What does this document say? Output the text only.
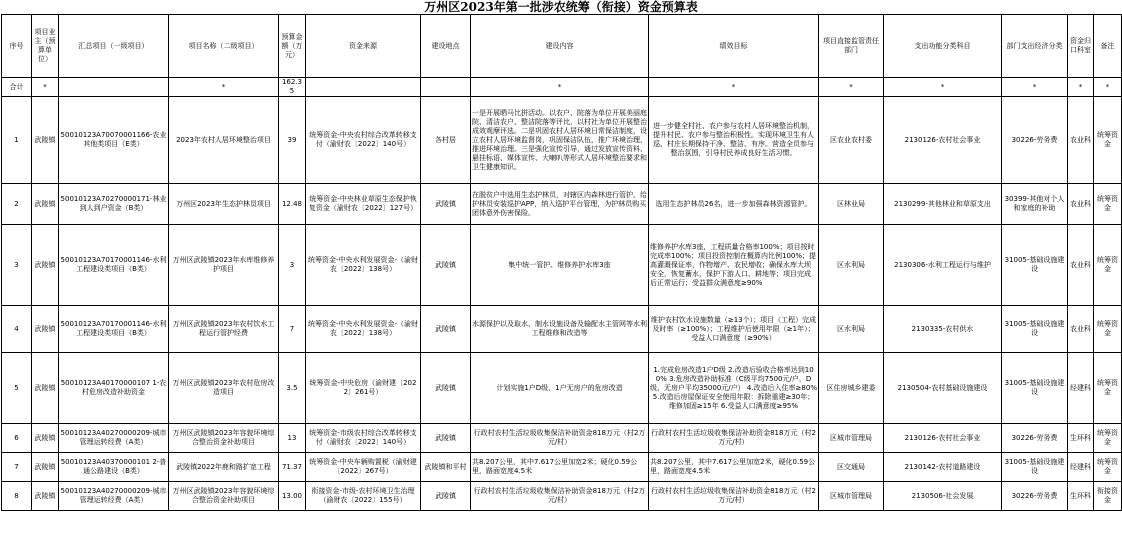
万州区2023年第一批涉农统筹（衔接）资金预算表
序号	项目业主（预算单位）	汇总项目（一级项目）	项目名称（二级项目）	预算金额（万元）	资金来源	建设地点	建设内容	绩效目标	项目直接监管责任部门	支出功能分类科目	部门支出经济分类	资金归口科室	备注
合计	*		*	162.35			*	*	*	*	*	*	*
1	武陵镇	50010123A70070001166-农业其他类项目（E类）	2023年农村人居环境整治项目	39	统筹资金-中央农村综合改革转移支付（渝财农〔2022〕140号）	各村居	一是开展晒马比拼活动。以农户、院落为单位开展美丽庭院、清洁农户、整洁院落等评比，以村社为单位开展整治成效观摩评选。二是巩固农村人居环境日常保洁制度，设立农村人居环境监督岗，巩固保洁队伍，推广环境治理、推进环境治理。三是强化宣传引导，通过发放宣传资料、悬挂标语、媒体宣传、大喇叭等形式人居环境整治要求和卫生健康知识。	进一步健全村社、农户参与农村人居环境整治机制，提升村民、农户参与整治积极性。实现环境卫生有人巡、村庄长期保持干净、整洁、有序。营造全员参与整治氛围，引导村民养成良好生活习惯。	区农业农村委	2130126-农村社会事业	30226-劳务费	农业科	统筹资金
2	武陵镇	50010123A70270000171-林业到人到户资金（B类）	万州区2023年生态护林员项目	12.48	统筹资金-中央林业草原生态保护恢复资金（渝财农〔2022〕127号）	武陵镇	在脱贫户中选用生态护林员，对辖区内森林进行管护。给护林员安装巡护APP，纳入巡护平台管理，为护林员购买团体意外伤害保险。	选用生态护林员26名，进一步加强森林资源管护。	区林业局	2130299-其他林业和草原支出	30399-其他对个人和家庭的补助	农业科	统筹资金
3	武陵镇	50010123A70170001146-水利工程建设类项目（B类）	万州区武陵镇2023年水库维修养护项目	3	统筹资金-中央水利发展资金-（渝财农〔2022〕138号）	武陵镇	集中统一管护、维修养护水库3座	维修养护水库3座，工程质量合格率100%；项目按时完成率100%；项目投资控制在概算内比例100%；提高灌溉保证率，作物增产、农民增收；确保水库大坝安全，恢复蓄水，保护下游人口、耕地等；项目完成后正常运行；受益群众满意度≥90%	区水利局	2130306-水利工程运行与维护	31005-基础设施建设	农业科	统筹资金
4	武陵镇	50010123A70170001146-水利工程建设类项目（B类）	万州区武陵镇2023年农村饮水工程运行管护经费	7	统筹资金-中央水利发展资金-（渝财农〔2022〕138号）	武陵镇	水源保护以及取水、制水设施设备及输配水主管网等水利工程维修和改造等	维护农村饮水设施数量（≥13个）；项目（工程）完成及时率（≥100%）；工程维护后使用年限（≥1年）；受益人口满意度（≥90%）	区水利局	2130335-农村供水	31005-基础设施建设	农业科	统筹资金
5	武陵镇	50010123A40170000107 1-农村危房改造补助资金	万州区武陵镇2023年农村危房改造项目	3.5	统筹资金-中央危房（渝财建〔2022〕261号）	武陵镇	计划实施1户D级、1户无房户的危房改造	1.完成危房改造1户D级 2.改造后验收合格率达到100% 3.危房改造补助标准（C级平均7500元/户，D级、无房户平均35000元/户） 4.改造后入住率≥80% 5.改造后房屋保证安全使用年限：拆除重建≥30年；维修加固≥15年 6.受益人口满意度≥95%	区住房城乡建委	2130504-农村基础设施建设	31005-基础设施建设	经建科	统筹资金
6	武陵镇	50010123A40270000209-城市管理运转经费（A类）	万州区武陵镇2023年容貌环境综合整治资金补助项目	13	统筹资金-市级农村综合改革转移支付（渝财农〔2022〕140号）	武陵镇	行政村农村生活垃圾收集保洁补助资金818万元（村2万元/村）	行政村农村生活垃圾收集保洁补助资金818万元（村2万元/村）	区城市管理局	2130126-农村社会事业	30226-劳务费	生环科	统筹资金
7	武陵镇	50010123A40370000101 2-普通公路建设（B类）	武陵镇2022年鹿和路扩宽工程	71.37	统筹资金-中央车辆购置税（渝财建〔2022〕267号）	武陵镇和平村	共8.207公里，其中7.617公里加宽2米；硬化0.59公里，路面宽度4.5米	共8.207公里，其中7.617公里加宽2米，硬化0.59公里，路面宽度4.5米	区交通局	2130142-农村道路建设	31005-基础设施建设	经建科	统筹资金
8	武陵镇	50010123A40270000209-城市管理运转经费（A类）	万州区武陵镇2023年容貌环境综合整治资金补助项目	13.00	衔接资金-市级-农村环境卫生治理（渝财农〔2022〕155号）	武陵镇	行政村农村生活垃圾收集保洁补助资金818万元（村2万元/村）	行政村农村生活垃圾收集保洁补助资金818万元（村2万元/村）	区城市管理局	2130506-社会发展	30226-劳务费	生环科	衔接资金
